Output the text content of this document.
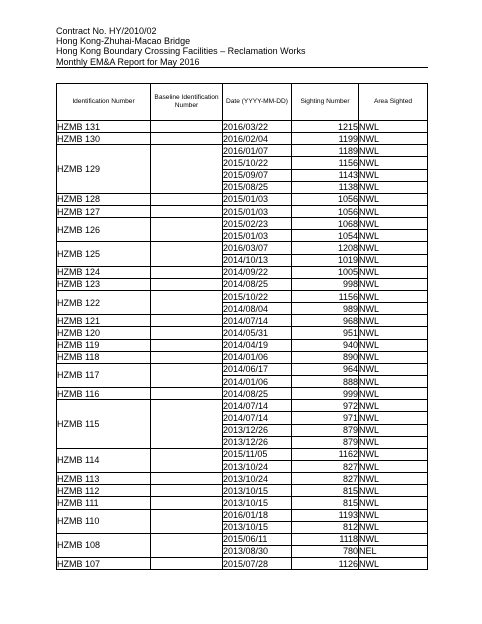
Contract No. HY/2010/02
Hong Kong-Zhuhai-Macao Bridge
Hong Kong Boundary Crossing Facilities – Reclamation Works
Monthly EM&A Report for May 2016
Identification Number	Baseline Identification Number	Date (YYYY-MM-DD)	Sighting Number	Area Sighted
HZMB 131		2016/03/22	1215	NWL
HZMB 130		2016/02/04	1199	NWL
HZMB 129		2016/01/07	1189	NWL
		2015/10/22	1156	NWL
		2015/09/07	1143	NWL
		2015/08/25	1138	NWL
HZMB 128		2015/01/03	1056	NWL
HZMB 127		2015/01/03	1056	NWL
HZMB 126		2015/02/23	1068	NWL
		2015/01/03	1054	NWL
HZMB 125		2016/03/07	1208	NWL
		2014/10/13	1019	NWL
HZMB 124		2014/09/22	1005	NWL
HZMB 123		2014/08/25	998	NWL
HZMB 122		2015/10/22	1156	NWL
		2014/08/04	989	NWL
HZMB 121		2014/07/14	968	NWL
HZMB 120		2014/05/31	951	NWL
HZMB 119		2014/04/19	940	NWL
HZMB 118		2014/01/06	890	NWL
HZMB 117		2014/06/17	964	NWL
		2014/01/06	888	NWL
HZMB 116		2014/08/25	999	NWL
HZMB 115		2014/07/14	972	NWL
		2014/07/14	971	NWL
		2013/12/26	879	NWL
		2013/12/26	879	NWL
HZMB 114		2015/11/05	1162	NWL
		2013/10/24	827	NWL
HZMB 113		2013/10/24	827	NWL
HZMB 112		2013/10/15	815	NWL
HZMB 111		2013/10/15	815	NWL
HZMB 110		2016/01/18	1193	NWL
		2013/10/15	812	NWL
HZMB 108		2015/06/11	1118	NWL
		2013/08/30	780	NEL
HZMB 107		2015/07/28	1126	NWL
